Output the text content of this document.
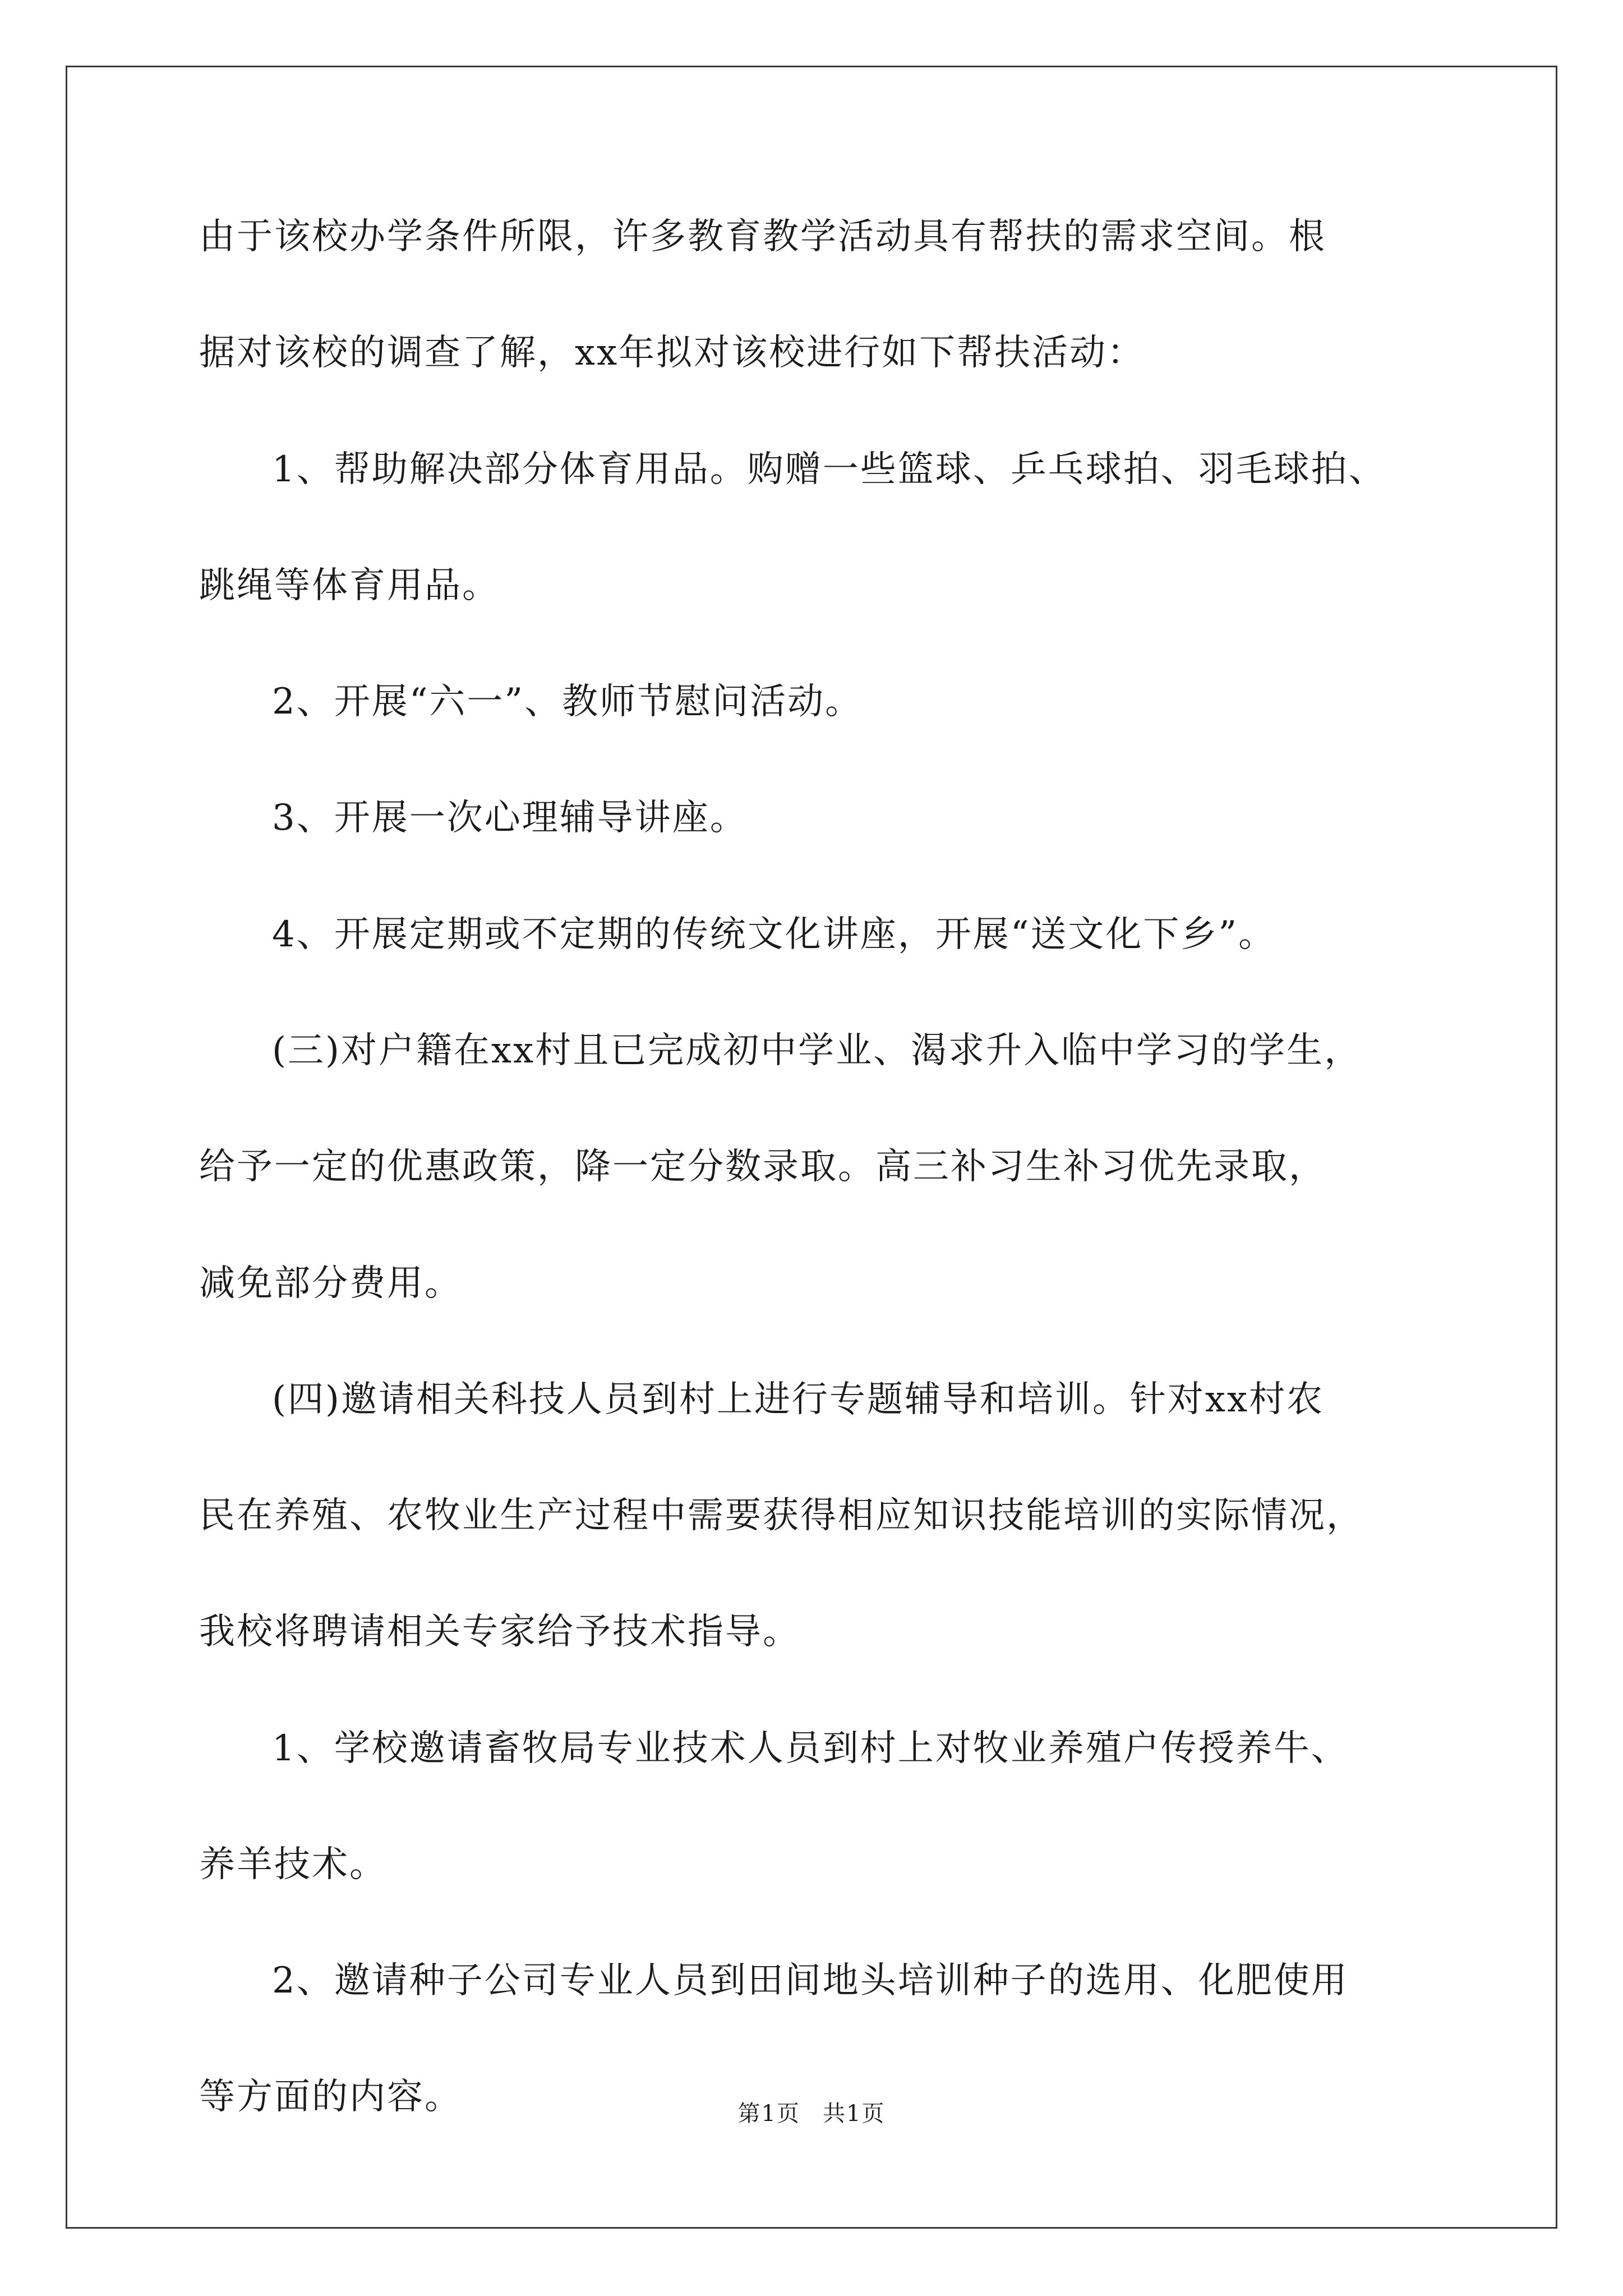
由于该校办学条件所限，许多教育教学活动具有帮扶的需求空间。根
据对该校的调查了解，xx年拟对该校进行如下帮扶活动：
1、帮助解决部分体育用品。购赠一些篮球、乒乓球拍、羽毛球拍、
跳绳等体育用品。
2、开展“六一”、教师节慰问活动。
3、开展一次心理辅导讲座。
4、开展定期或不定期的传统文化讲座，开展“送文化下乡”。
(三)对户籍在xx村且已完成初中学业、渴求升入临中学习的学生，
给予一定的优惠政策，降一定分数录取。高三补习生补习优先录取，
减免部分费用。
(四)邀请相关科技人员到村上进行专题辅导和培训。针对xx村农
民在养殖、农牧业生产过程中需要获得相应知识技能培训的实际情况，
我校将聘请相关专家给予技术指导。
1、学校邀请畜牧局专业技术人员到村上对牧业养殖户传授养牛、
养羊技术。
2、邀请种子公司专业人员到田间地头培训种子的选用、化肥使用
等方面的内容。	第1页 共1页
